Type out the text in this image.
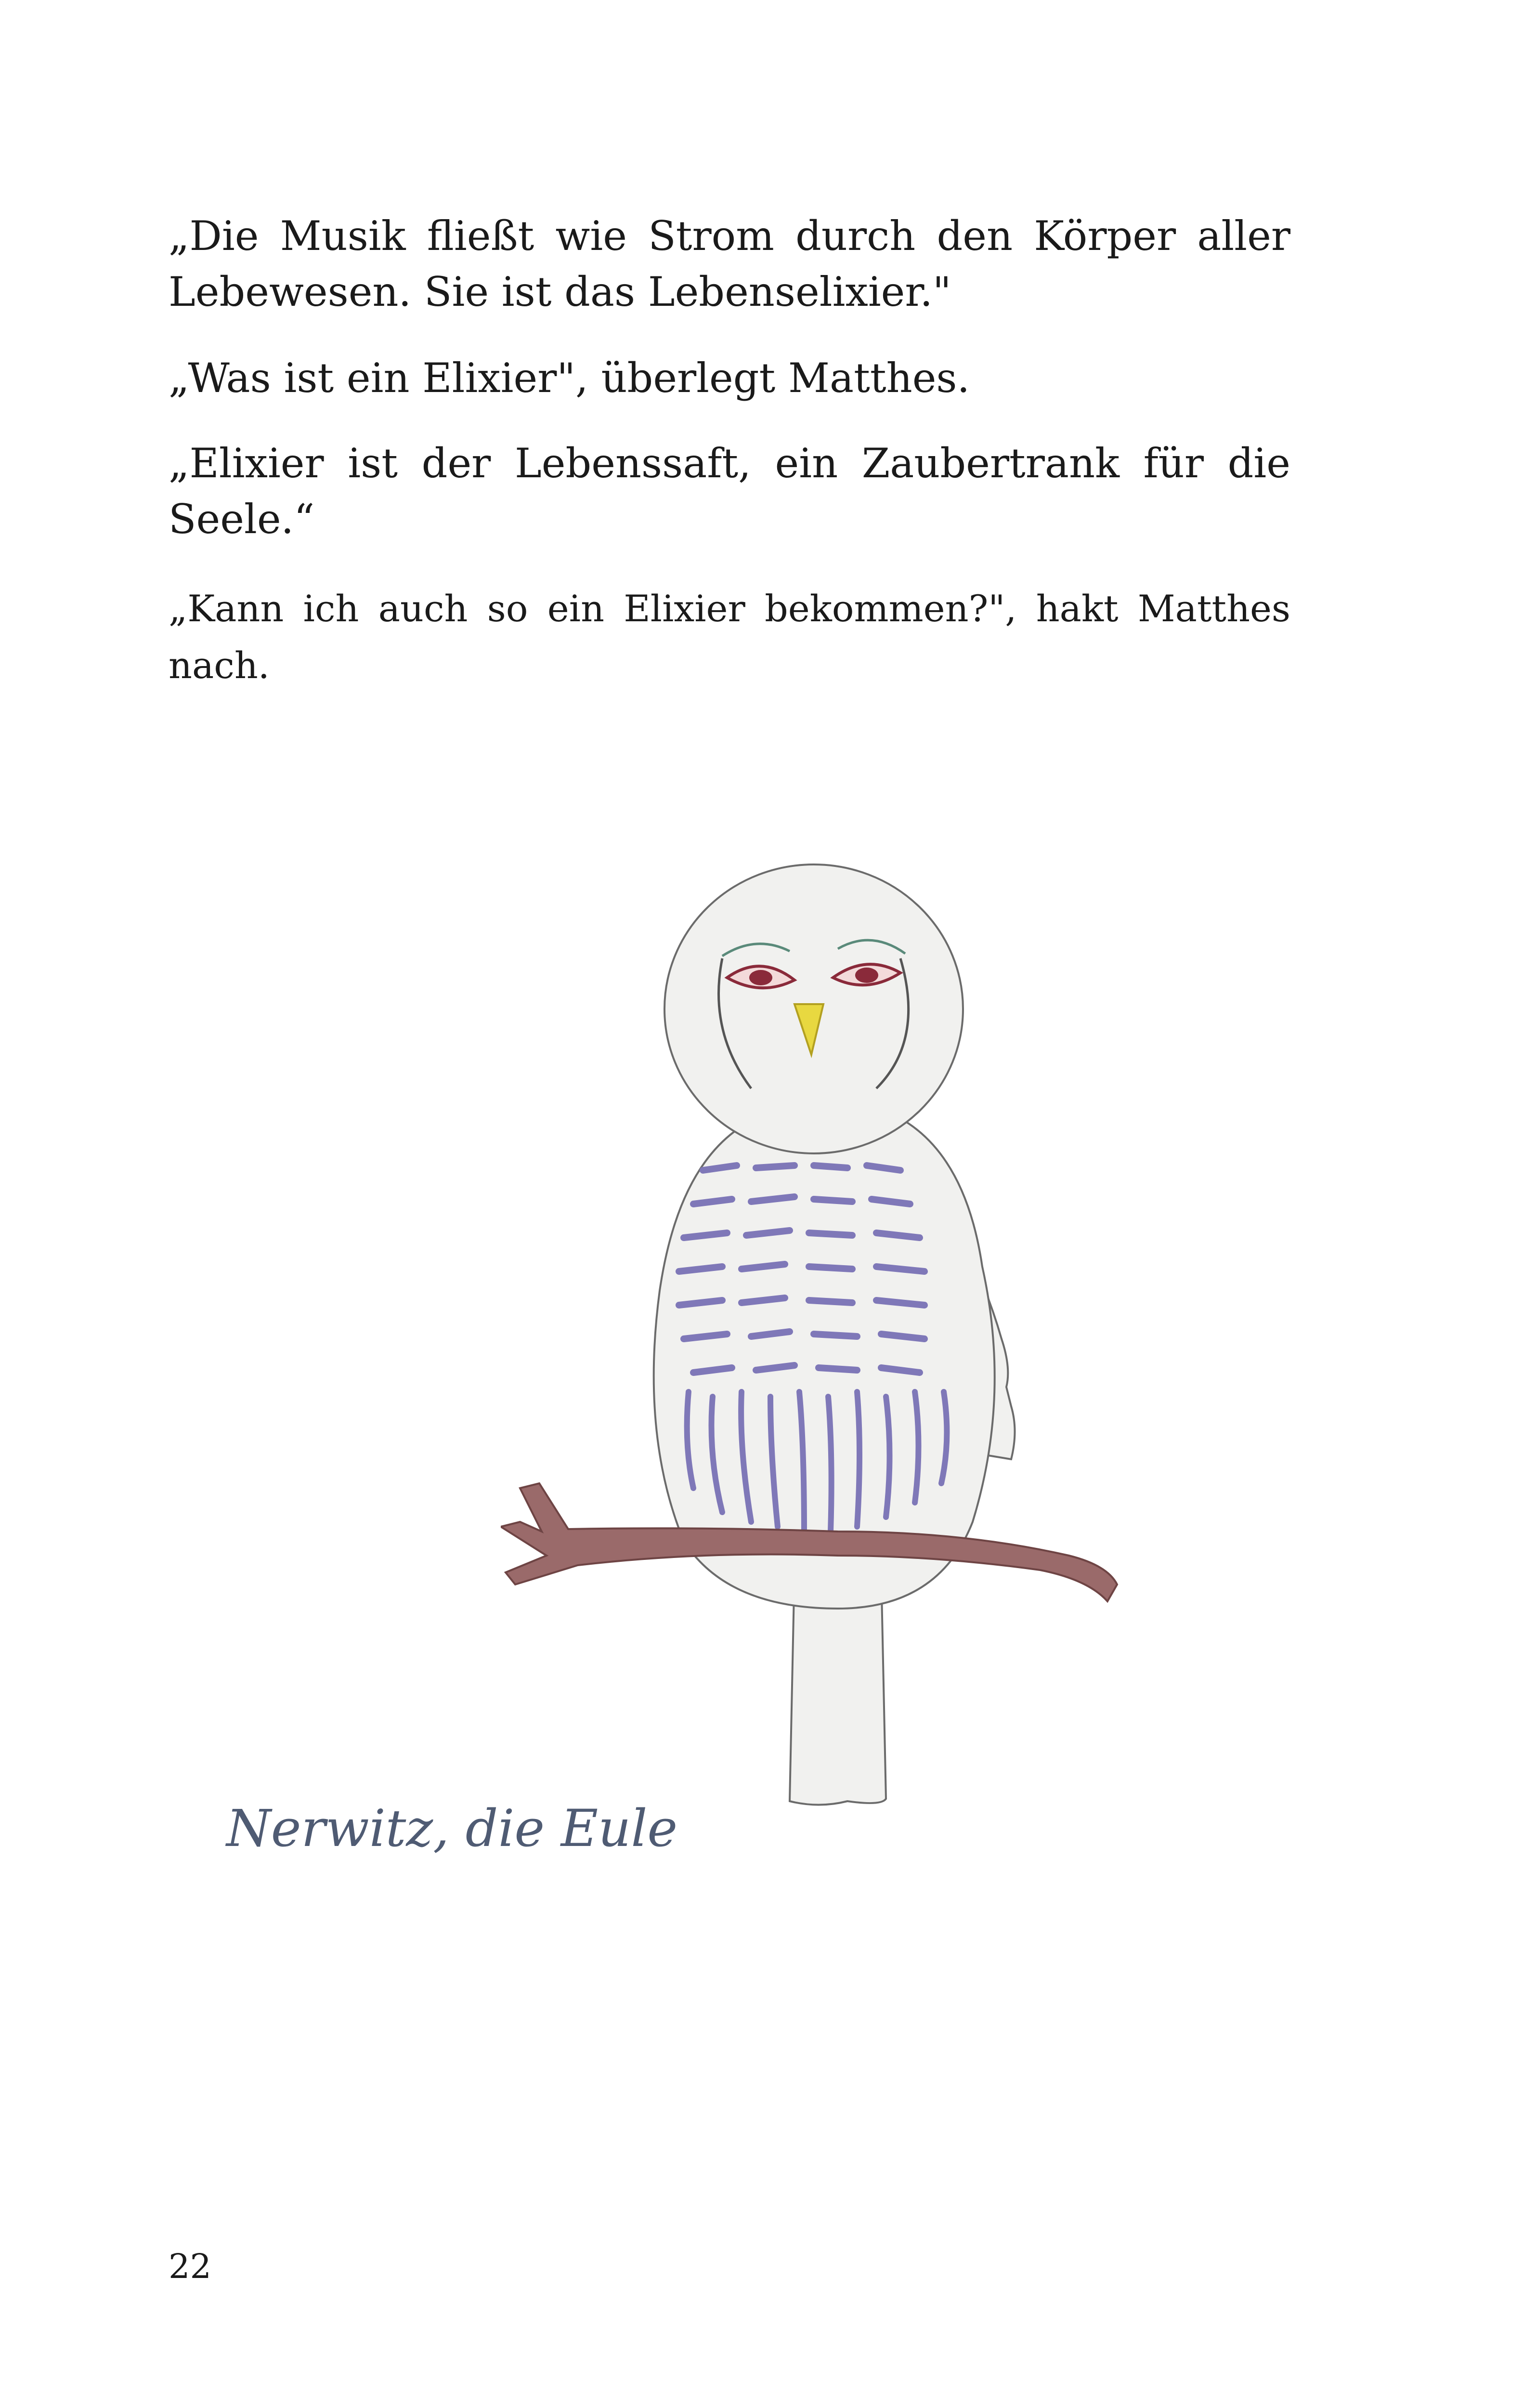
„Die Musik fließt wie Strom durch den Körper aller Lebewesen. Sie ist das Lebenselixier."

„Was ist ein Elixier", überlegt Matthes.

„Elixier ist der Lebenssaft, ein Zaubertrank für die Seele.“

„Kann ich auch so ein Elixier bekommen?", hakt Matthes nach.

Nerwitz, die Eule

22
